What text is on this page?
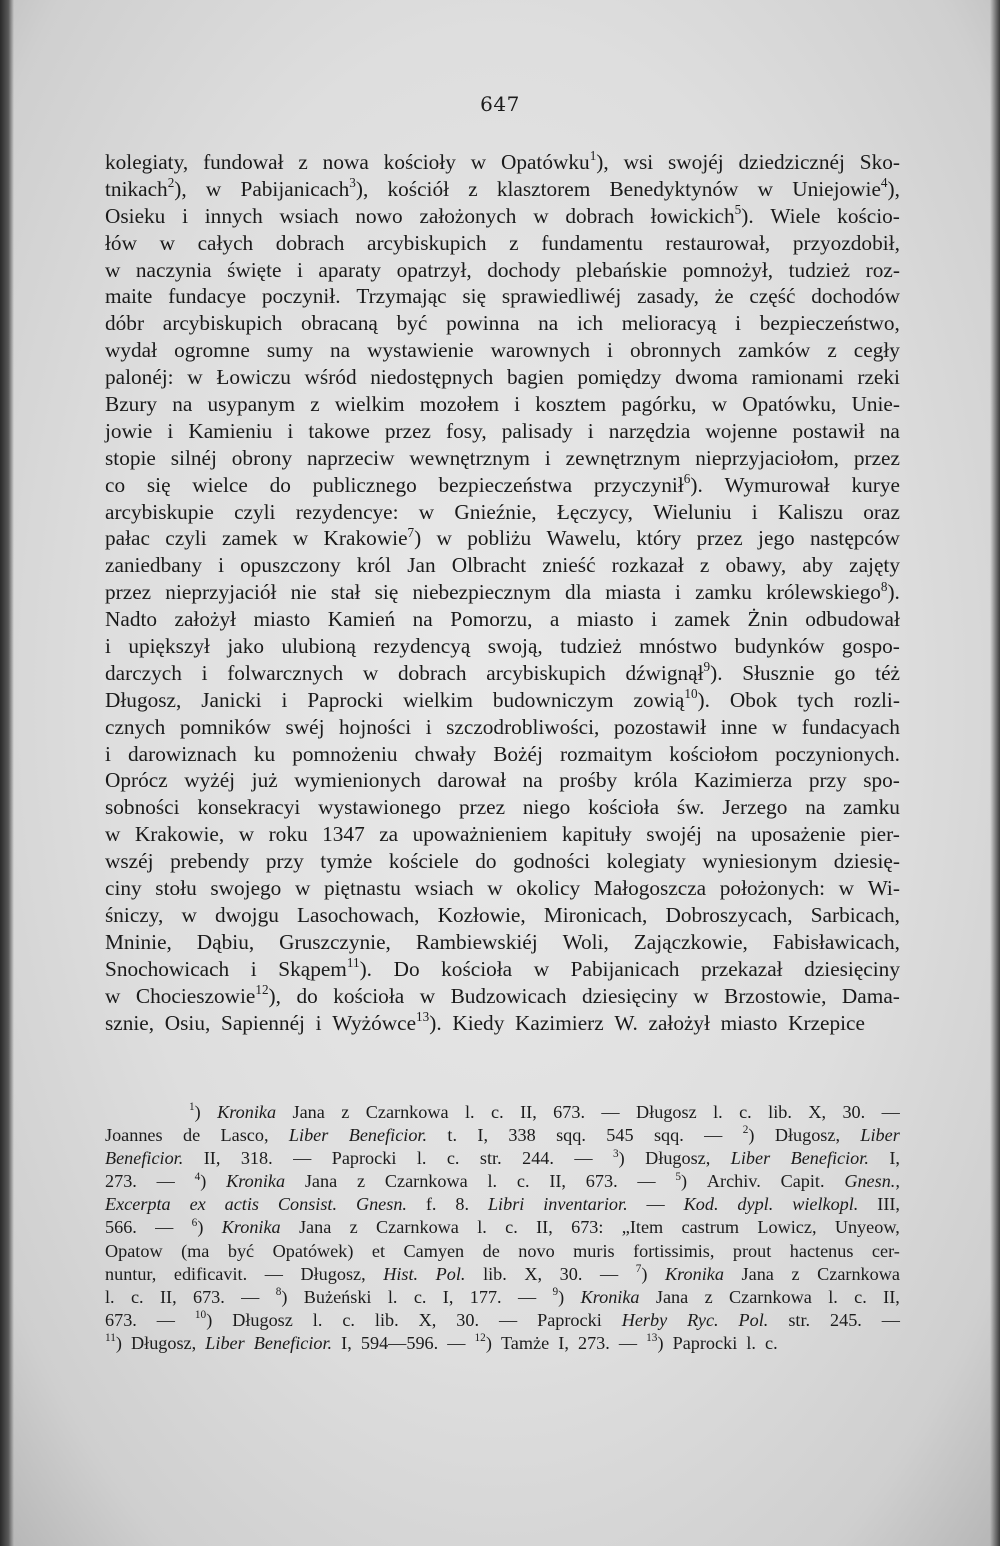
647
kolegiaty, fundował z nowa kościoły w Opatówku$^1$), wsi swojéj dziedzicznéj Sko-
tnikach$^2$), w Pabijanicach$^3$), kościół z klasztorem Benedyktynów w Uniejowie$^4$),
Osieku i innych wsiach nowo założonych w dobrach łowickich$^5$). Wiele kościo-
łów w całych dobrach arcybiskupich z fundamentu restaurował, przyozdobił,
w naczynia święte i aparaty opatrzył, dochody plebańskie pomnożył, tudzież roz-
maite fundacye poczynił. Trzymając się sprawiedliwéj zasady, że część dochodów
dóbr arcybiskupich obracaną być powinna na ich melioracyą i bezpieczeństwo,
wydał ogromne sumy na wystawienie warownych i obronnych zamków z cegły
palonéj: w Łowiczu wśród niedostępnych bagien pomiędzy dwoma ramionami rzeki
Bzury na usypanym z wielkim mozołem i kosztem pagórku, w Opatówku, Unie-
jowie i Kamieniu i takowe przez fosy, palisady i narzędzia wojenne postawił na
stopie silnéj obrony naprzeciw wewnętrznym i zewnętrznym nieprzyjaciołom, przez
co się wielce do publicznego bezpieczeństwa przyczynił$^6$). Wymurował kurye
arcybiskupie czyli rezydencye: w Gnieźnie, Łęczycy, Wieluniu i Kaliszu oraz
pałac czyli zamek w Krakowie$^7$) w pobliżu Wawelu, który przez jego następców
zaniedbany i opuszczony król Jan Olbracht znieść rozkazał z obawy, aby zajęty
przez nieprzyjaciół nie stał się niebezpiecznym dla miasta i zamku królewskiego$^8$).
Nadto założył miasto Kamień na Pomorzu, a miasto i zamek Żnin odbudował
i upiększył jako ulubioną rezydencyą swoją, tudzież mnóstwo budynków gospo-
darczych i folwarcznych w dobrach arcybiskupich dźwignął$^9$). Słusznie go téż
Długosz, Janicki i Paprocki wielkim budowniczym zowią$^{10}$). Obok tych rozli-
cznych pomników swéj hojności i szczodrobliwości, pozostawił inne w fundacyach
i darowiznach ku pomnożeniu chwały Bożéj rozmaitym kościołom poczynionych.
Oprócz wyżéj już wymienionych darował na prośby króla Kazimierza przy spo-
sobności konsekracyi wystawionego przez niego kościoła św. Jerzego na zamku
w Krakowie, w roku 1347 za upoważnieniem kapituły swojéj na uposażenie pier-
wszéj prebendy przy tymże kościele do godności kolegiaty wyniesionym dziesię-
ciny stołu swojego w piętnastu wsiach w okolicy Małogoszcza położonych: w Wi-
śniczy, w dwojgu Lasochowach, Kozłowie, Mironicach, Dobroszycach, Sarbicach,
Mninie, Dąbiu, Gruszczynie, Rambiewskiéj Woli, Zajączkowie, Fabisławicach,
Snochowicach i Skąpem$^{11}$). Do kościoła w Pabijanicach przekazał dziesięciny
w Chocieszowie$^{12}$), do kościoła w Budzowicach dziesięciny w Brzostowie, Dama-
sznie,
Osiu,
Sapiennéj
i
Wyżówce$^{13}$).
Kiedy
Kazimierz
W.
założył
miasto
Krzepice
$^1$) Kronika Jana z Czarnkowa l. c. II, 673. — Długosz l. c. lib. X, 30. —
Joannes de Lasco, Liber Beneficior. t. I, 338 sqq. 545 sqq. — $^2$) Długosz, Liber
Beneficior. II, 318. — Paprocki l. c. str. 244. — $^3$) Długosz, Liber Beneficior. I,
273. — $^4$) Kronika Jana z Czarnkowa l. c. II, 673. — $^5$) Archiv. Capit. Gnesn.,
Excerpta ex actis Consist. Gnesn. f. 8. Libri inventarior. — Kod. dypl. wielkopl. III,
566. — $^6$) Kronika Jana z Czarnkowa l. c. II, 673: „Item castrum Lowicz, Unyeow,
Opatow (ma być Opatówek) et Camyen de novo muris fortissimis, prout hactenus cer-
nuntur, edificavit. — Długosz, Hist. Pol. lib. X, 30. — $^7$) Kronika Jana z Czarnkowa
l. c. II, 673. — $^8$) Bużeński l. c. I, 177. — $^9$) Kronika Jana z Czarnkowa l. c. II,
673. — $^{10}$) Długosz l. c. lib. X, 30. — Paprocki Herby Ryc. Pol. str. 245. —
$^{11}$)
Długosz,
Liber
Beneficior.
I,
594—596.
—
$^{12}$)
Tamże
I,
273.
—
$^{13}$)
Paprocki
l.
c.
